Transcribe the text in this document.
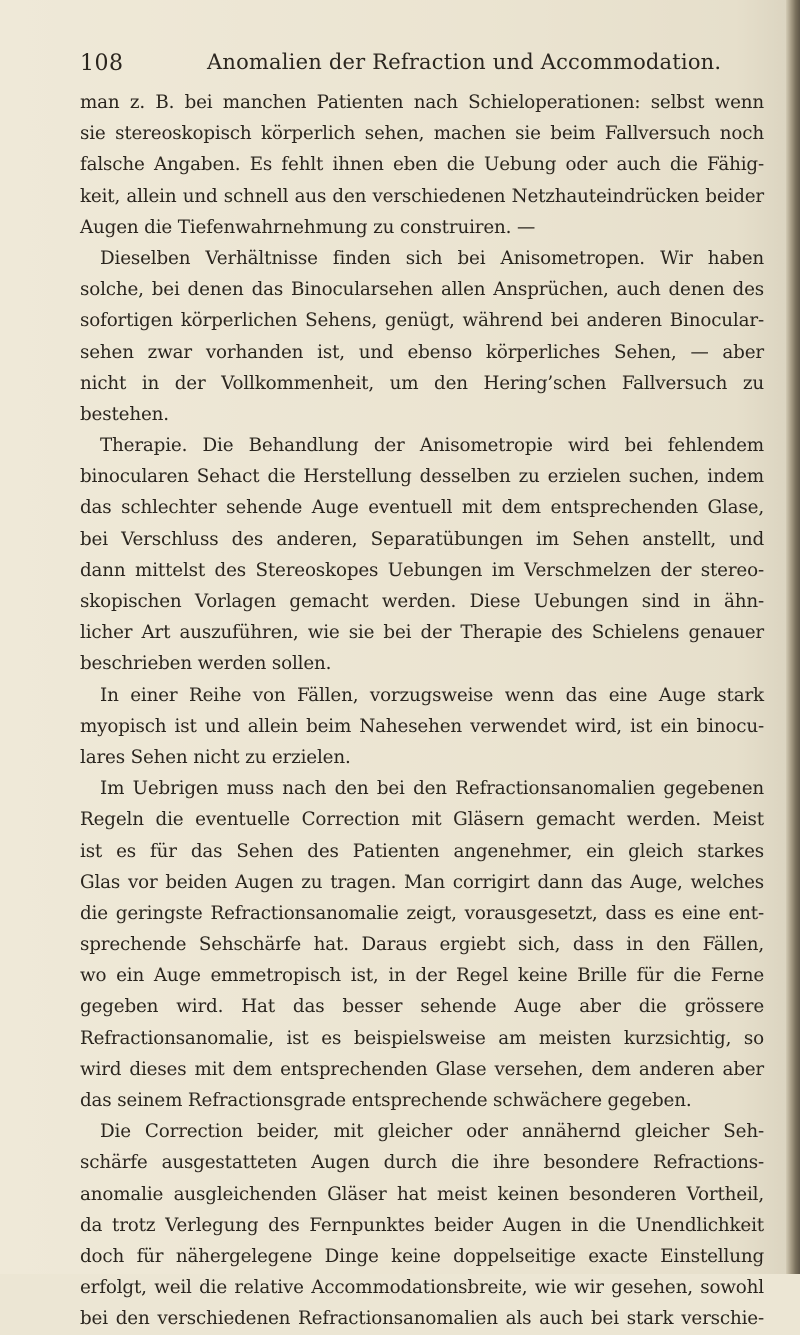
108	Anomalien der Refraction und Accommodation.
man z. B. bei manchen Patienten nach Schieloperationen: selbst wenn
sie stereoskopisch körperlich sehen, machen sie beim Fallversuch noch
falsche Angaben. Es fehlt ihnen eben die Uebung oder auch die Fähig-
keit, allein und schnell aus den verschiedenen Netzhauteindrücken beider
Augen die Tiefenwahrnehmung zu construiren. —
Dieselben Verhältnisse finden sich bei Anisometropen. Wir haben
solche, bei denen das Binocularsehen allen Ansprüchen, auch denen des
sofortigen körperlichen Sehens, genügt, während bei anderen Binocular-
sehen zwar vorhanden ist, und ebenso körperliches Sehen, — aber
nicht in der Vollkommenheit, um den Hering’schen Fallversuch zu
bestehen.
Therapie. Die Behandlung der Anisometropie wird bei fehlendem
binocularen Sehact die Herstellung desselben zu erzielen suchen, indem
das schlechter sehende Auge eventuell mit dem entsprechenden Glase,
bei Verschluss des anderen, Separatübungen im Sehen anstellt, und
dann mittelst des Stereoskopes Uebungen im Verschmelzen der stereo-
skopischen Vorlagen gemacht werden. Diese Uebungen sind in ähn-
licher Art auszuführen, wie sie bei der Therapie des Schielens genauer
beschrieben werden sollen.
In einer Reihe von Fällen, vorzugsweise wenn das eine Auge stark
myopisch ist und allein beim Nahesehen verwendet wird, ist ein binocu-
lares Sehen nicht zu erzielen.
Im Uebrigen muss nach den bei den Refractionsanomalien gegebenen
Regeln die eventuelle Correction mit Gläsern gemacht werden. Meist
ist es für das Sehen des Patienten angenehmer, ein gleich starkes
Glas vor beiden Augen zu tragen. Man corrigirt dann das Auge, welches
die geringste Refractionsanomalie zeigt, vorausgesetzt, dass es eine ent-
sprechende Sehschärfe hat. Daraus ergiebt sich, dass in den Fällen,
wo ein Auge emmetropisch ist, in der Regel keine Brille für die Ferne
gegeben wird. Hat das besser sehende Auge aber die grössere
Refractionsanomalie, ist es beispielsweise am meisten kurzsichtig, so
wird dieses mit dem entsprechenden Glase versehen, dem anderen aber
das seinem Refractionsgrade entsprechende schwächere gegeben.
Die Correction beider, mit gleicher oder annähernd gleicher Seh-
schärfe ausgestatteten Augen durch die ihre besondere Refractions-
anomalie ausgleichenden Gläser hat meist keinen besonderen Vortheil,
da trotz Verlegung des Fernpunktes beider Augen in die Unendlichkeit
doch für nähergelegene Dinge keine doppelseitige exacte Einstellung
erfolgt, weil die relative Accommodationsbreite, wie wir gesehen, sowohl
bei den verschiedenen Refractionsanomalien als auch bei stark verschie-
